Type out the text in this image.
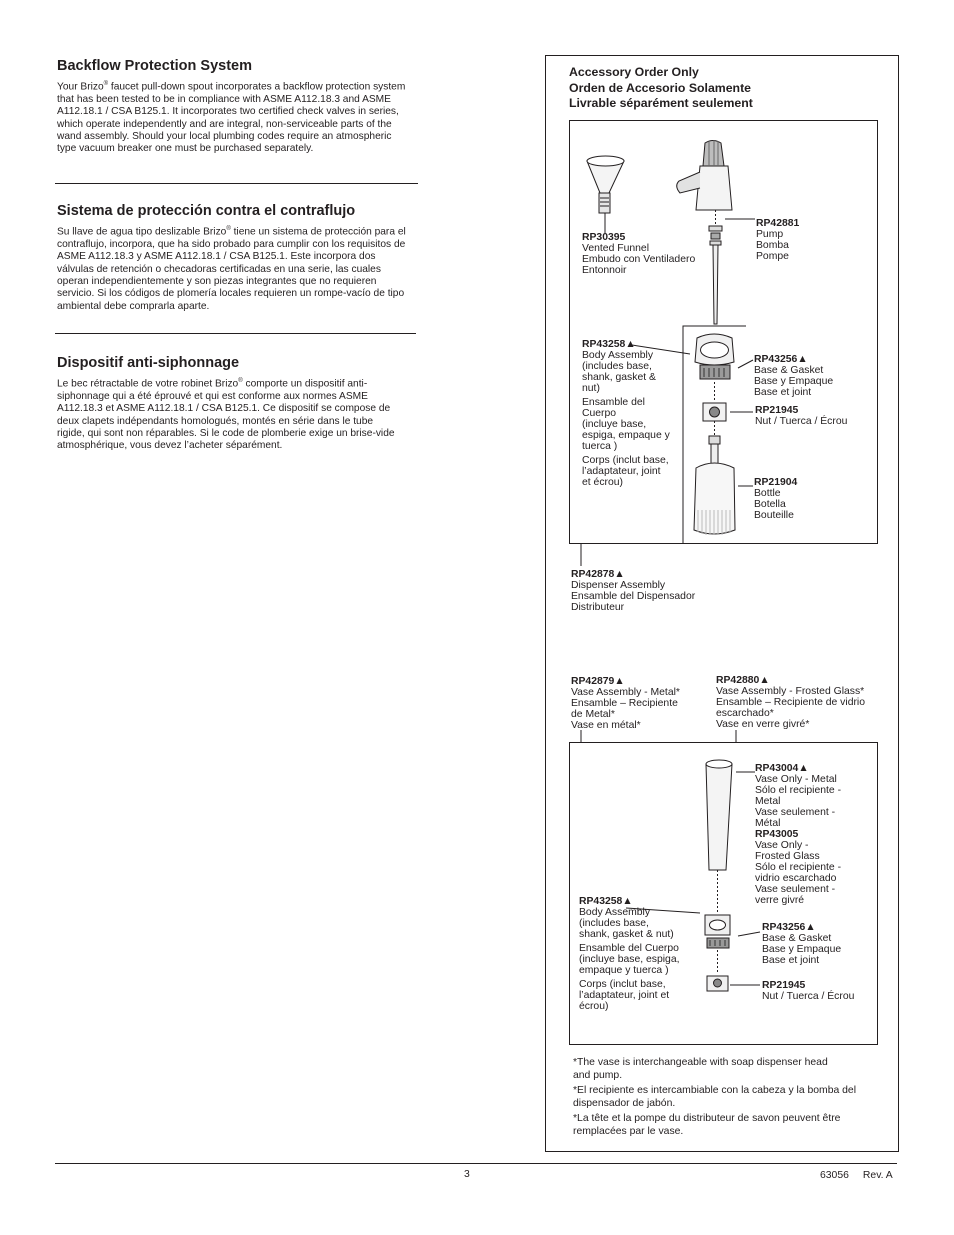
Backflow Protection System
Your Brizo® faucet pull-down spout incorporates a backflow protection system that has been tested to be in compliance with ASME A112.18.3 and ASME A112.18.1 / CSA B125.1. It incorporates two certified check valves in series, which operate independently and are integral, non-serviceable parts of the wand assembly. Should your local plumbing codes require an atmospheric type vacuum breaker one must be purchased separately.
Sistema de protección contra el contraflujo
Su llave de agua tipo deslizable Brizo® tiene un sistema de protección para el contraflujo, incorpora, que ha sido probado para cumplir con los requisitos de ASME A112.18.3 y ASME A112.18.1 / CSA B125.1. Este incorpora dos válvulas de retención o checadoras certificadas en una serie, las cuales operan independientemente y son piezas integrantes que no requieren servicio. Si los códigos de plomería locales requieren un rompe-vacío de tipo ambiental debe comprarla aparte.
Dispositif anti-siphonnage
Le bec rétractable de votre robinet Brizo® comporte un dispositif anti-siphonnage qui a été éprouvé et qui est conforme aux normes ASME A112.18.3 et ASME A112.18.1 / CSA B125.1. Ce dispositif se compose de deux clapets indépendants homologués, montés en série dans le tube rigide, qui sont non réparables. Si le code de plomberie exige un brise-vide atmosphérique, vous devez l’acheter séparément.
Accessory Order Only
Orden de Accesorio Solamente
Livrable séparément seulement
RP30395
Vented Funnel
Embudo con Ventiladero
Entonnoir
RP42881
Pump
Bomba
Pompe
RP43258▲
Body Assembly
(includes base,
shank, gasket &
nut)
Ensamble del
Cuerpo
(incluye base,
espiga, empaque y
tuerca )
Corps (inclut base,
l’adaptateur, joint
et écrou)
RP43256▲
Base & Gasket
Base y Empaque
Base et joint
RP21945
Nut / Tuerca / Écrou
RP21904
Bottle
Botella
Bouteille
RP42878▲
Dispenser Assembly
Ensamble del Dispensador
Distributeur
RP42879▲
Vase Assembly - Metal*
Ensamble – Recipiente
de Metal*
Vase en métal*
RP42880▲
Vase Assembly - Frosted Glass*
Ensamble – Recipiente de vidrio
escarchado*
Vase en verre givré*
RP43004▲
Vase Only - Metal
Sólo el recipiente -
Metal
Vase seulement -
Métal
RP43005
Vase Only -
Frosted Glass
Sólo el recipiente -
vidrio escarchado
Vase seulement -
verre givré
RP43258▲
Body Assembly
(includes base,
shank, gasket & nut)
Ensamble del Cuerpo
(incluye base, espiga,
empaque y tuerca )
Corps (inclut base,
l’adaptateur, joint et
écrou)
RP43256▲
Base & Gasket
Base y Empaque
Base et joint
RP21945
Nut / Tuerca / Écrou
*The vase is interchangeable with soap dispenser head
and pump.
*El recipiente es intercambiable con la cabeza y la bomba del
dispensador de jabón.
*La tête et la pompe du distributeur de savon peuvent être
remplacées par le vase.
3	63056 Rev. A
